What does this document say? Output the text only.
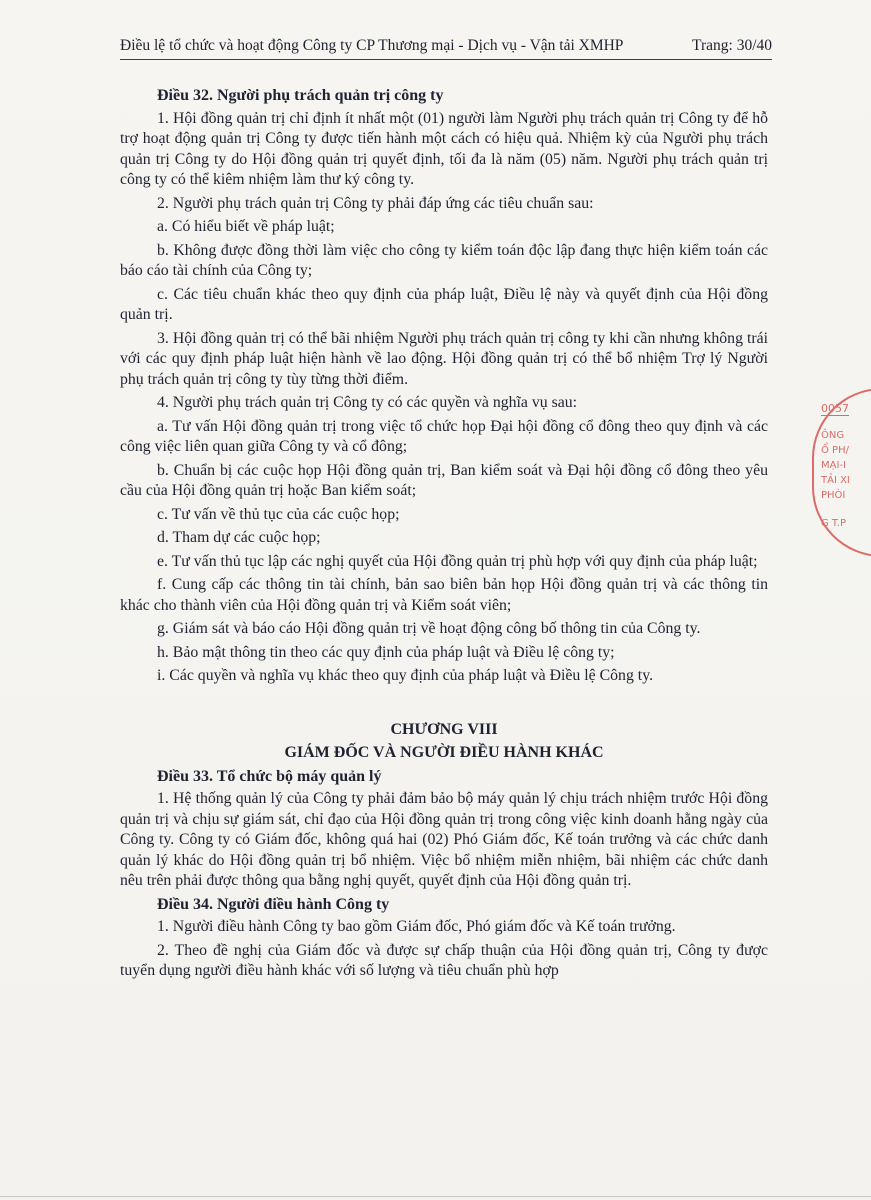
Điều lệ tổ chức và hoạt động Công ty CP Thương mại - Dịch vụ - Vận tải XMHP	Trang: 30/40
Điều 32. Người phụ trách quản trị công ty

1. Hội đồng quản trị chỉ định ít nhất một (01) người làm Người phụ trách quản trị Công ty để hỗ trợ hoạt động quản trị Công ty được tiến hành một cách có hiệu quả. Nhiệm kỳ của Người phụ trách quản trị Công ty do Hội đồng quản trị quyết định, tối đa là năm (05) năm. Người phụ trách quản trị công ty có thể kiêm nhiệm làm thư ký công ty.

2. Người phụ trách quản trị Công ty phải đáp ứng các tiêu chuẩn sau:

a. Có hiểu biết về pháp luật;

b. Không được đồng thời làm việc cho công ty kiểm toán độc lập đang thực hiện kiểm toán các báo cáo tài chính của Công ty;

c. Các tiêu chuẩn khác theo quy định của pháp luật, Điều lệ này và quyết định của Hội đồng quản trị.

3. Hội đồng quản trị có thể bãi nhiệm Người phụ trách quản trị công ty khi cần nhưng không trái với các quy định pháp luật hiện hành về lao động. Hội đồng quản trị có thể bổ nhiệm Trợ lý Người phụ trách quản trị công ty tùy từng thời điểm.

4. Người phụ trách quản trị Công ty có các quyền và nghĩa vụ sau:

a. Tư vấn Hội đồng quản trị trong việc tổ chức họp Đại hội đồng cổ đông theo quy định và các công việc liên quan giữa Công ty và cổ đông;

b. Chuẩn bị các cuộc họp Hội đồng quản trị, Ban kiểm soát và Đại hội đồng cổ đông theo yêu cầu của Hội đồng quản trị hoặc Ban kiểm soát;

c. Tư vấn về thủ tục của các cuộc họp;

d. Tham dự các cuộc họp;

e. Tư vấn thủ tục lập các nghị quyết của Hội đồng quản trị phù hợp với quy định của pháp luật;

f. Cung cấp các thông tin tài chính, bản sao biên bản họp Hội đồng quản trị và các thông tin khác cho thành viên của Hội đồng quản trị và Kiểm soát viên;

g. Giám sát và báo cáo Hội đồng quản trị về hoạt động công bố thông tin của Công ty.

h. Bảo mật thông tin theo các quy định của pháp luật và Điều lệ công ty;

i. Các quyền và nghĩa vụ khác theo quy định của pháp luật và Điều lệ Công ty.

CHƯƠNG VIII

GIÁM ĐỐC VÀ NGƯỜI ĐIỀU HÀNH KHÁC

Điều 33. Tổ chức bộ máy quản lý

1. Hệ thống quản lý của Công ty phải đảm bảo bộ máy quản lý chịu trách nhiệm trước Hội đồng quản trị và chịu sự giám sát, chỉ đạo của Hội đồng quản trị trong công việc kinh doanh hằng ngày của Công ty. Công ty có Giám đốc, không quá hai (02) Phó Giám đốc, Kế toán trưởng và các chức danh quản lý khác do Hội đồng quản trị bổ nhiệm. Việc bổ nhiệm miễn nhiệm, bãi nhiệm các chức danh nêu trên phải được thông qua bằng nghị quyết, quyết định của Hội đồng quản trị.

Điều 34. Người điều hành Công ty

1. Người điều hành Công ty bao gồm Giám đốc, Phó giám đốc và Kế toán trưởng.

2. Theo đề nghị của Giám đốc và được sự chấp thuận của Hội đồng quản trị, Công ty được tuyển dụng người điều hành khác với số lượng và tiêu chuẩn phù hợp

0057
ÔNG
Ổ PH/
MẠI-I
TẢI XI
PHÒI
G T.P
